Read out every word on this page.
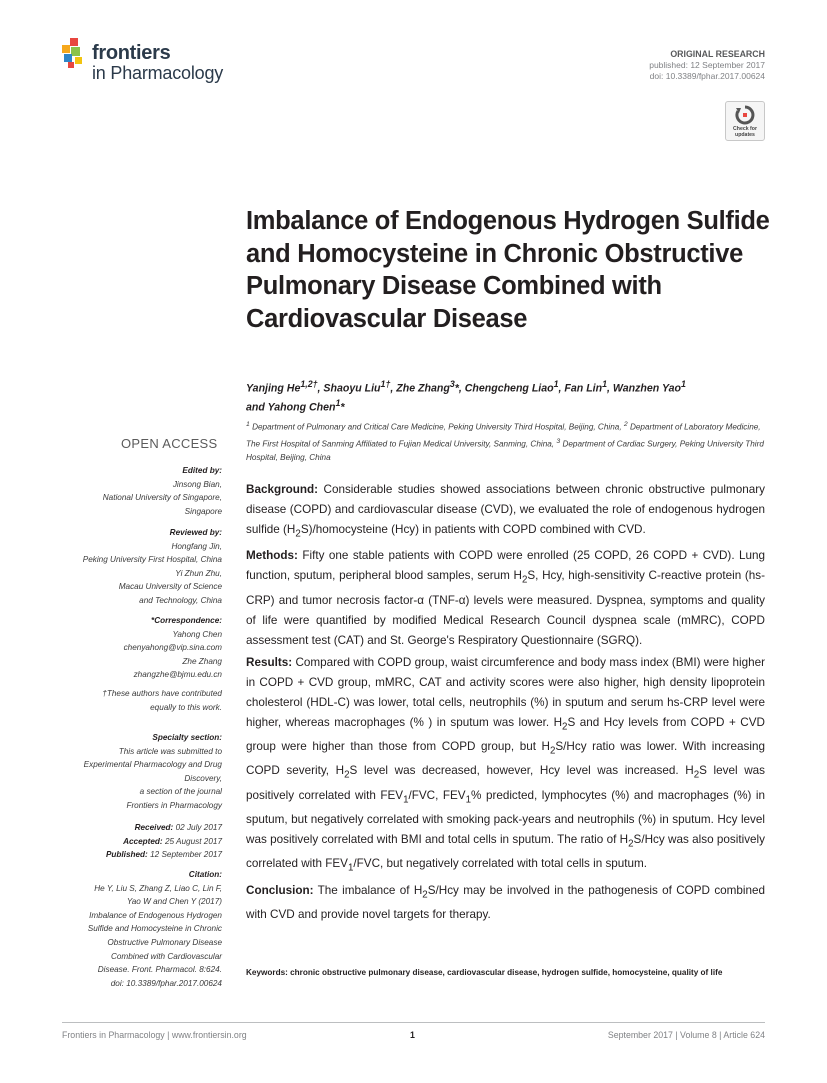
frontiers
in Pharmacology
ORIGINAL RESEARCH
published: 12 September 2017
doi: 10.3389/fphar.2017.00624
Check for
updates
Imbalance of Endogenous Hydrogen Sulfide and Homocysteine in Chronic Obstructive Pulmonary Disease Combined with Cardiovascular Disease
Yanjing $He^{1,2\dagger}$, Shaoyu Liu$^{1\dagger}$, Zhe Zhang$^3$*, Chengcheng Liao$^1$, Fan Lin$^1$, Wanzhen Yao$^1$
and Yahong Chen$^1$*
$^1$ Department of Pulmonary and Critical Care Medicine, Peking University Third Hospital, Beijing, China, $^2$ Department of Laboratory Medicine, The First Hospital of Sanming Affiliated to Fujian Medical University, Sanming, China, $^3$ Department of Cardiac Surgery, Peking University Third Hospital, Beijing, China
OPEN ACCESS
Edited by:
Jinsong Bian,
National University of Singapore,
Singapore
Reviewed by:
Hongfang Jin,
Peking University First Hospital, China
Yi Zhun Zhu,
Macau University of Science
and Technology, China
*Correspondence:
Yahong Chen
chenyahong@vip.sina.com
Zhe Zhang
zhangzhe@bjmu.edu.cn
†These authors have contributed
equally to this work.
Specialty section:
This article was submitted to
Experimental Pharmacology and Drug
Discovery,
a section of the journal
Frontiers in Pharmacology
Received: 02 July 2017
Accepted: 25 August 2017
Published: 12 September 2017
Citation:
He Y, Liu S, Zhang Z, Liao C, Lin F,
Yao W and Chen Y (2017)
Imbalance of Endogenous Hydrogen
Sulfide and Homocysteine in Chronic
Obstructive Pulmonary Disease
Combined with Cardiovascular
Disease. Front. Pharmacol. 8:624.
doi: 10.3389/fphar.2017.00624

Background: Considerable studies showed associations between chronic obstructive pulmonary disease (COPD) and cardiovascular disease (CVD), we evaluated the role of endogenous hydrogen sulfide $(H_2S)$/homocysteine (Hcy) in patients with COPD combined with CVD.

Methods: Fifty one stable patients with COPD were enrolled (25 COPD, 26 COPD + CVD). Lung function, sputum, peripheral blood samples, serum $H_2S$, Hcy, high-sensitivity C-reactive protein (hs-CRP) and tumor necrosis factor-α (TNF-α) levels were measured. Dyspnea, symptoms and quality of life were quantified by modified Medical Research Council dyspnea scale (mMRC), COPD assessment test (CAT) and St. George's Respiratory Questionnaire (SGRQ).

Results: Compared with COPD group, waist circumference and body mass index (BMI) were higher in COPD + CVD group, mMRC, CAT and activity scores were also higher, high density lipoprotein cholesterol (HDL-C) was lower, total cells, neutrophils (%) in sputum and serum hs-CRP level were higher, whereas macrophages (% ) in sputum was lower. $H_2S$ and Hcy levels from COPD + CVD group were higher than those from COPD group, but $H_2S$/Hcy ratio was lower. With increasing COPD severity, $H_2S$ level was decreased, however, Hcy level was increased. $H_2S$ level was positively correlated with $FEV_1$/FVC, $FEV_1\%$ predicted, lymphocytes (%) and macrophages (%) in sputum, but negatively correlated with smoking pack-years and neutrophils (%) in sputum. Hcy level was positively correlated with BMI and total cells in sputum. The ratio of $H_2S$/Hcy was also positively correlated with $FEV_1$/FVC, but negatively correlated with total cells in sputum.

Conclusion: The imbalance of $H_2S$/Hcy may be involved in the pathogenesis of COPD combined with CVD and provide novel targets for therapy.

Keywords: chronic obstructive pulmonary disease, cardiovascular disease, hydrogen sulfide, homocysteine, quality of life
Frontiers in Pharmacology | www.frontiersin.org	1	September 2017 | Volume 8 | Article 624
